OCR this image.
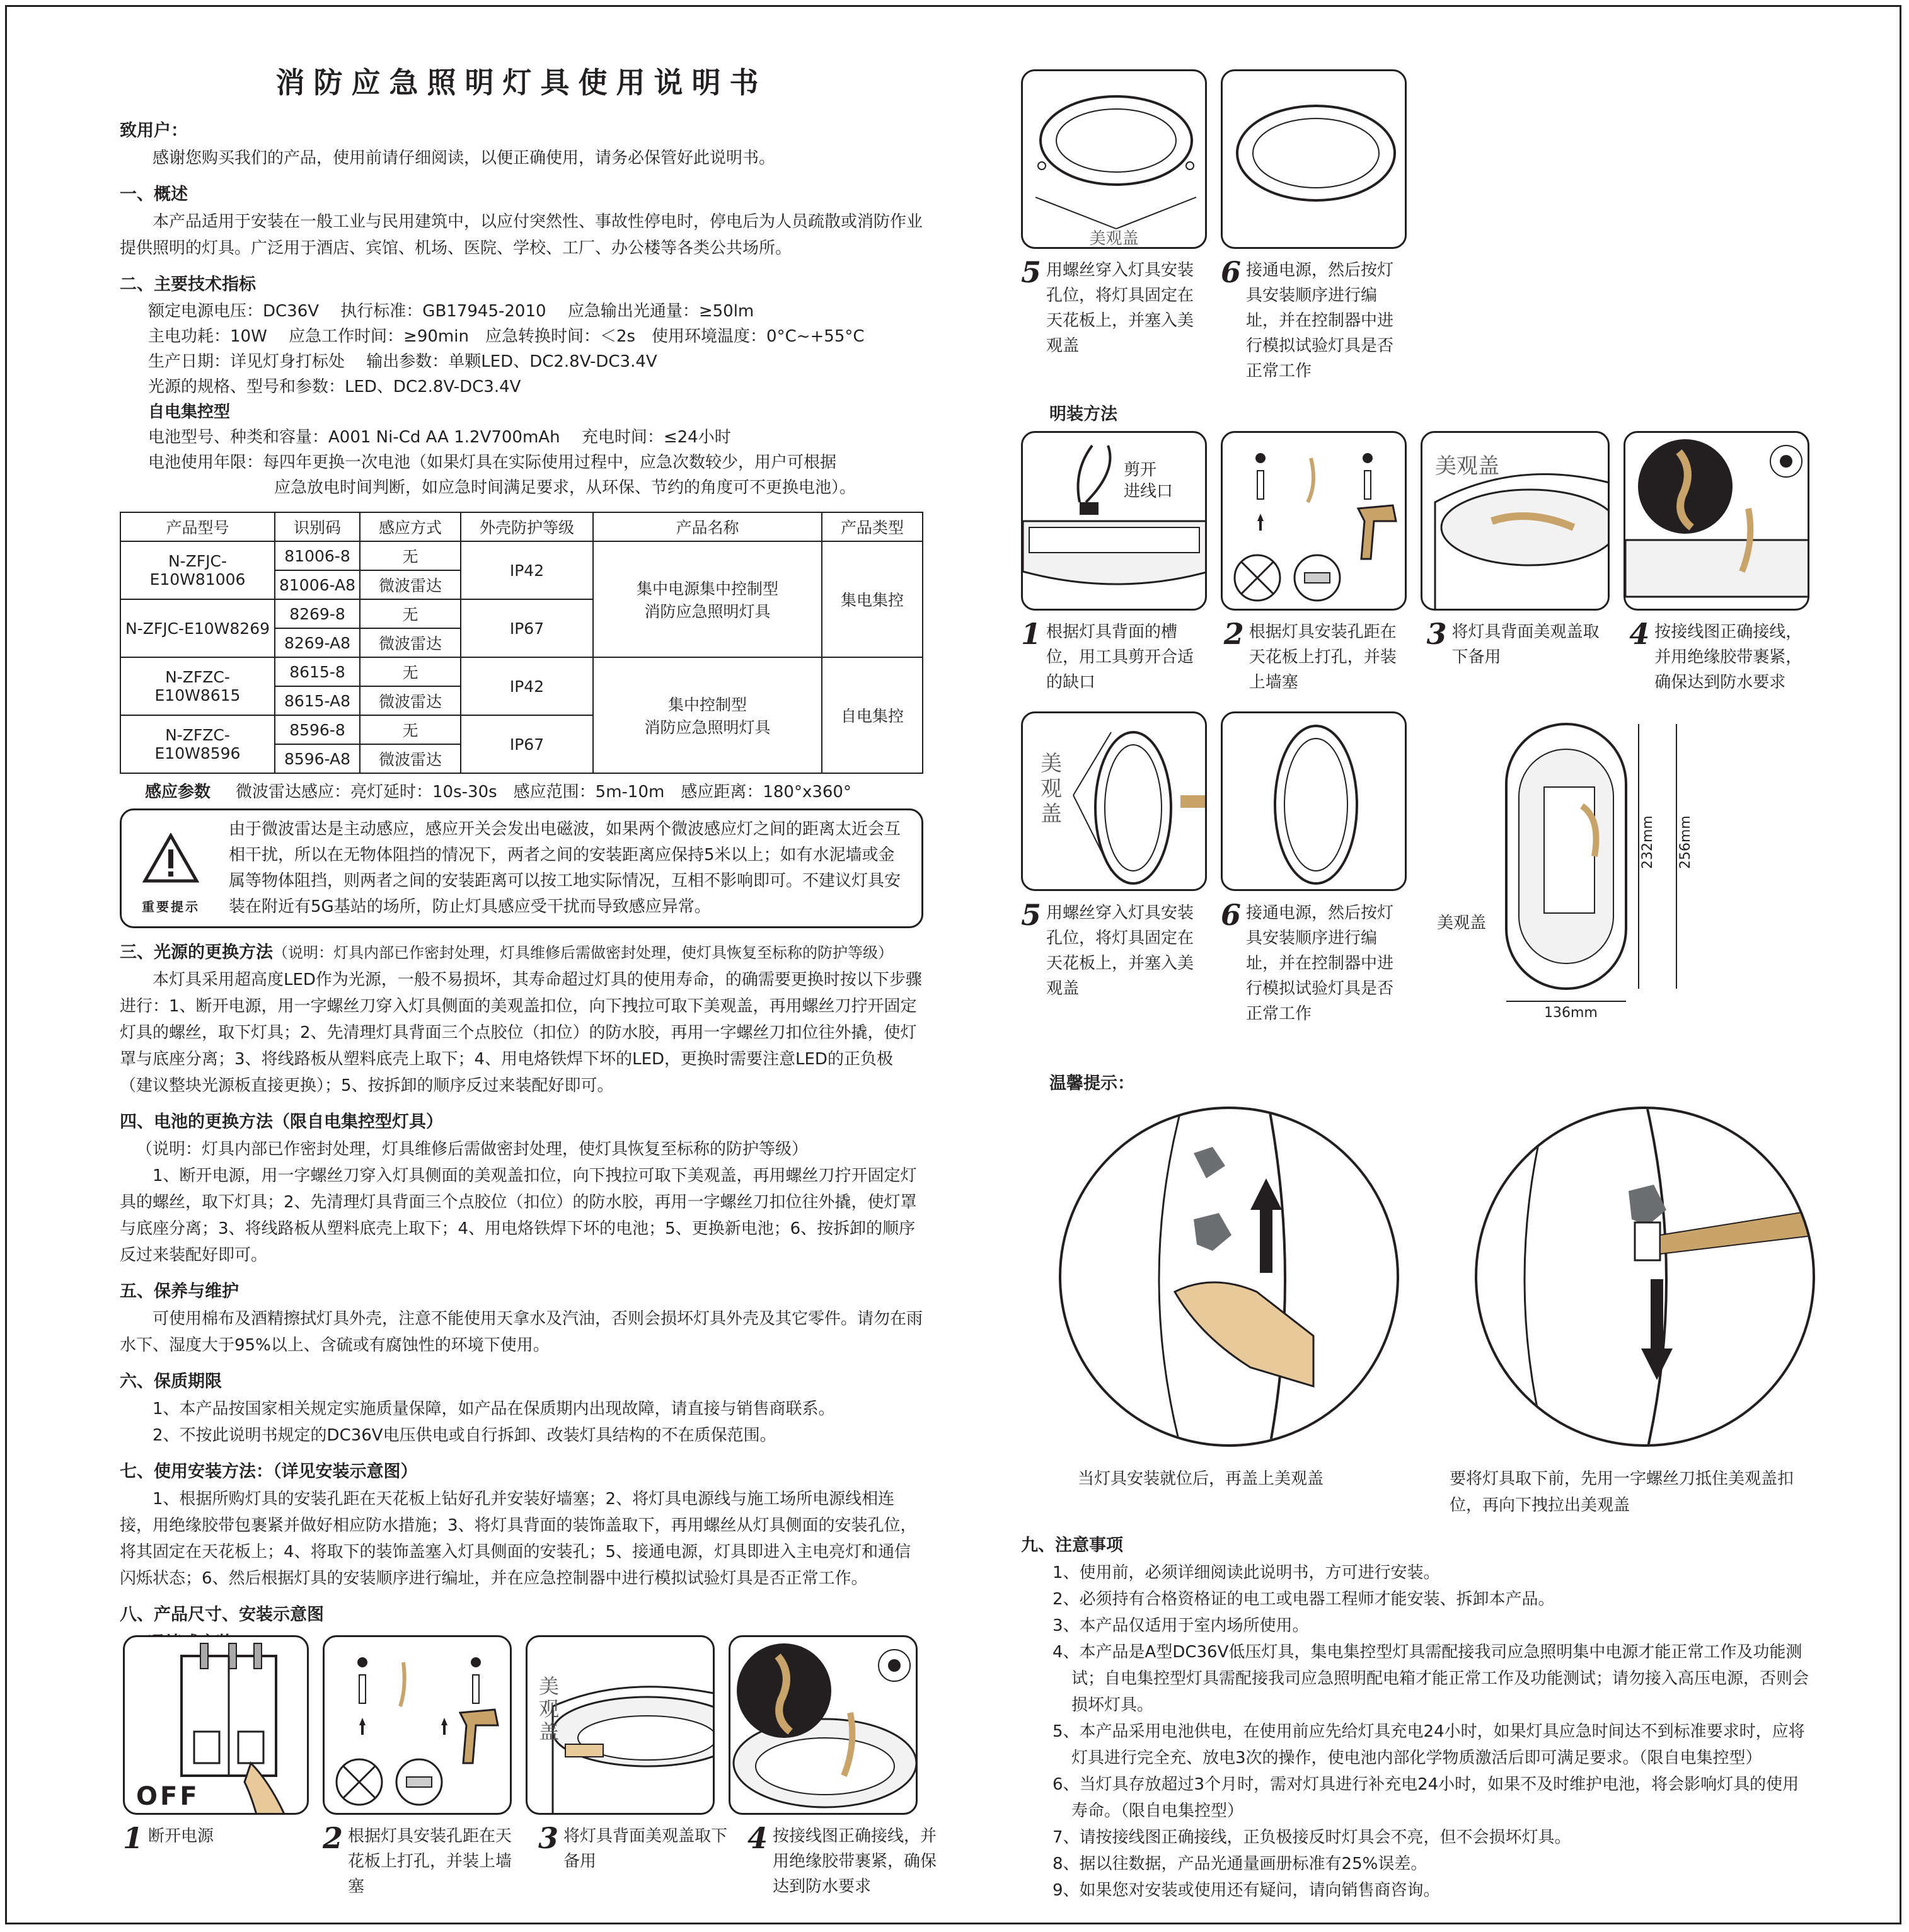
消防应急照明灯具使用说明书
致用户：

感谢您购买我们的产品，使用前请仔细阅读，以便正确使用，请务必保管好此说明书。

一、概述

本产品适用于安装在一般工业与民用建筑中，以应付突然性、事故性停电时，停电后为人员疏散或消防作业提供照明的灯具。广泛用于酒店、宾馆、机场、医院、学校、工厂、办公楼等各类公共场所。

二、主要技术指标
额定电源电压：DC36V　 执行标准：GB17945-2010　 应急输出光通量：≥50lm
主电功耗：10W　 应急工作时间：≥90min　应急转换时间：＜2s　使用环境温度：0°C~+55°C
生产日期：详见灯身打标处　 输出参数：单颗LED、DC2.8V-DC3.4V
光源的规格、型号和参数：LED、DC2.8V-DC3.4V
自电集控型
电池型号、种类和容量：A001 Ni-Cd AA 1.2V700mAh　 充电时间：≤24小时
电池使用年限：每四年更换一次电池（如果灯具在实际使用过程中，应急次数较少，用户可根据
应急放电时间判断，如应急时间满足要求，从环保、节约的角度可不更换电池）。
产品型号	识别码	感应方式	外壳防护等级	产品名称	产品类型
N-ZFJC-E10W81006	81006-8	无	IP42	集中电源集中控制型
消防应急照明灯具	集电集控
	81006-A8	微波雷达			
N-ZFJC-E10W8269	8269-8	无	IP67		
	8269-A8	微波雷达			
N-ZFZC-E10W8615	8615-8	无	IP42	集中控制型
消防应急照明灯具	自电集控
	8615-A8	微波雷达			
N-ZFZC-E10W8596	8596-8	无	IP67		
	8596-A8	微波雷达			
感应参数 微波雷达感应：亮灯延时：10s-30s　感应范围：5m-10m　感应距离：180°x360°
重要提示
由于微波雷达是主动感应，感应开关会发出电磁波，如果两个微波感应灯之间的距离太近会互相干扰，所以在无物体阻挡的情况下，两者之间的安装距离应保持5米以上；如有水泥墙或金属等物体阻挡，则两者之间的安装距离可以按工地实际情况，互相不影响即可。不建议灯具安装在附近有5G基站的场所，防止灯具感应受干扰而导致感应异常。
三、光源的更换方法（说明：灯具内部已作密封处理，灯具维修后需做密封处理，使灯具恢复至标称的防护等级）

本灯具采用超高度LED作为光源，一般不易损坏，其寿命超过灯具的使用寿命，的确需要更换时按以下步骤进行：1、断开电源，用一字螺丝刀穿入灯具侧面的美观盖扣位，向下拽拉可取下美观盖，再用螺丝刀拧开固定灯具的螺丝，取下灯具；2、先清理灯具背面三个点胶位（扣位）的防水胶，再用一字螺丝刀扣位往外撬，使灯罩与底座分离；3、将线路板从塑料底壳上取下；4、用电烙铁焊下坏的LED，更换时需要注意LED的正负极（建议整块光源板直接更换）；5、按拆卸的顺序反过来装配好即可。

四、电池的更换方法（限自电集控型灯具）

（说明：灯具内部已作密封处理，灯具维修后需做密封处理，使灯具恢复至标称的防护等级）

1、断开电源，用一字螺丝刀穿入灯具侧面的美观盖扣位，向下拽拉可取下美观盖，再用螺丝刀拧开固定灯具的螺丝，取下灯具；2、先清理灯具背面三个点胶位（扣位）的防水胶，再用一字螺丝刀扣位往外撬，使灯罩与底座分离；3、将线路板从塑料底壳上取下；4、用电烙铁焊下坏的电池；5、更换新电池；6、按拆卸的顺序反过来装配好即可。

五、保养与维护

可使用棉布及酒精擦拭灯具外壳，注意不能使用天拿水及汽油，否则会损坏灯具外壳及其它零件。请勿在雨水下、湿度大于95%以上、含硫或有腐蚀性的环境下使用。

六、保质期限

1、本产品按国家相关规定实施质量保障，如产品在保质期内出现故障，请直接与销售商联系。

2、不按此说明书规定的DC36V电压供电或自行拆卸、改装灯具结构的不在质保范围。

七、使用安装方法：（详见安装示意图）

1、根据所购灯具的安装孔距在天花板上钻好孔并安装好墙塞；2、将灯具电源线与施工场所电源线相连接，用绝缘胶带包裹紧并做好相应防水措施；3、将灯具背面的装饰盖取下，再用螺丝从灯具侧面的安装孔位，将其固定在天花板上；4、将取下的装饰盖塞入灯具侧面的安装孔；5、接通电源，灯具即进入主电亮灯和通信闪烁状态；6、然后根据灯具的安装顺序进行编址，并在应急控制器中进行模拟试验灯具是否正常工作。

八、产品尺寸、安装示意图
OFF
美观盖
1 断开电源	2 根据灯具安装孔距在天花板上打孔，并装上墙塞
3 将灯具背面美观盖取下备用
4 按接线图正确接线，并用绝缘胶带裹紧，确保达到防水要求
美观盖
5 用螺丝穿入灯具安装孔位，将灯具固定在天花板上，并塞入美观盖
6 接通电源，然后按灯具安装顺序进行编址，并在控制器中进行模拟试验灯具是否正常工作
明装方法
剪开
进线口
美观盖
1 根据灯具背面的槽位，用工具剪开合适的缺口
2 根据灯具安装孔距在天花板上打孔，并装上墙塞
3 将灯具背面美观盖取下备用
4 按接线图正确接线，并用绝缘胶带裹紧，确保达到防水要求
美观盖
5 用螺丝穿入灯具安装孔位，将灯具固定在天花板上，并塞入美观盖
6 接通电源，然后按灯具安装顺序进行编址，并在控制器中进行模拟试验灯具是否正常工作
232mm 256mm
136mm
美观盖
温馨提示：
当灯具安装就位后，再盖上美观盖	要将灯具取下前，先用一字螺丝刀抵住美观盖扣位，再向下拽拉出美观盖
九、注意事项
1、使用前，必须详细阅读此说明书，方可进行安装。
2、必须持有合格资格证的电工或电器工程师才能安装、拆卸本产品。
3、本产品仅适用于室内场所使用。
4、本产品是A型DC36V低压灯具，集电集控型灯具需配接我司应急照明集中电源才能正常工作及功能测试；自电集控型灯具需配接我司应急照明配电箱才能正常工作及功能测试；请勿接入高压电源，否则会损坏灯具。
5、本产品采用电池供电，在使用前应先给灯具充电24小时，如果灯具应急时间达不到标准要求时，应将灯具进行完全充、放电3次的操作，使电池内部化学物质激活后即可满足要求。（限自电集控型）
6、当灯具存放超过3个月时，需对灯具进行补充电24小时，如果不及时维护电池，将会影响灯具的使用寿命。（限自电集控型）
7、请按接线图正确接线，正负极接反时灯具会不亮，但不会损坏灯具。
8、据以往数据，产品光通量画册标准有25%误差。
9、如果您对安装或使用还有疑问，请向销售商咨询。
